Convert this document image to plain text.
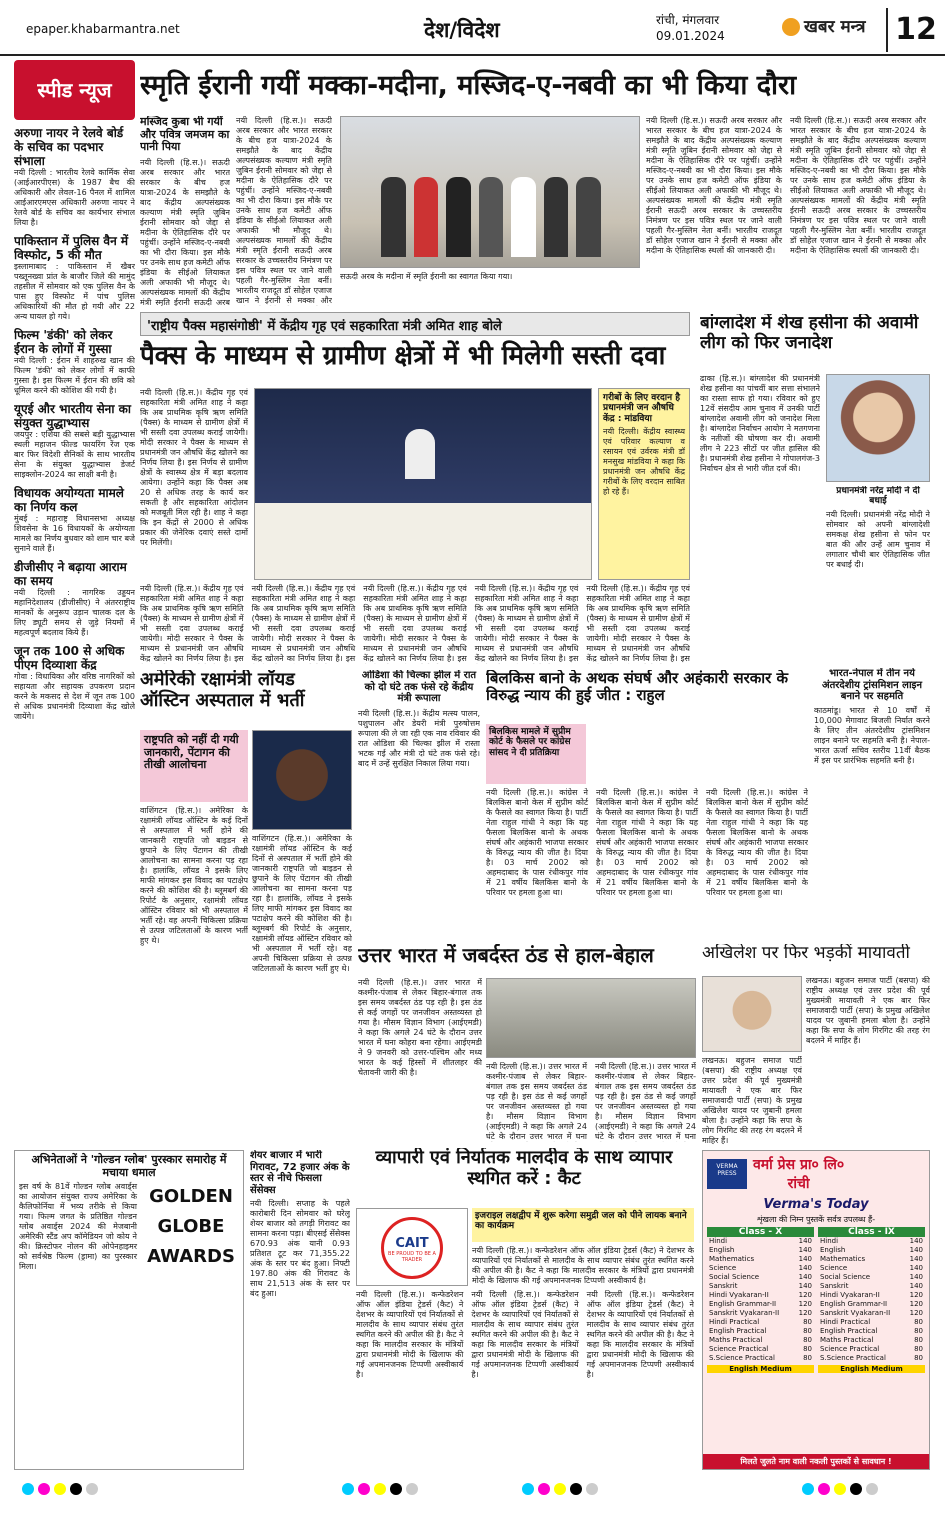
epaper.khabarmantra.net	देश/विदेश	रांची, मंगलवार
09.01.2024	खबर मन्त्र 12
स्पीड न्यूज
अरुणा नायर ने रेलवे बोर्ड के सचिव का पदभार संभाला
नयी दिल्ली : भारतीय रेलवे कार्मिक सेवा (आईआरपीएस) के 1987 बैच की अधिकारी और लेवल-16 पैनल में शामिल आईआरएमएस अधिकारी अरुणा नायर ने रेलवे बोर्ड के सचिव का कार्यभार संभाल लिया है।
पाकिस्तान में पुलिस वैन में विस्फोट, 5 की मौत
इस्लामाबाद : पाकिस्तान में खैबर पख्तूनख्वा प्रांत के बाजौर जिले की मामुंद तहसील में सोमवार को एक पुलिस वैन के पास हुए विस्फोट में पांच पुलिस अधिकारियों की मौत हो गयी और 22 अन्य घायल हो गये।
फिल्म 'डंकी' को लेकर ईरान के लोगों में गुस्सा
नयी दिल्ली : ईरान में शाहरुख खान की फिल्म 'डंकी' को लेकर लोगों में काफी गुस्सा है। इस फिल्म में ईरान की छवि को धूमिल करने की कोशिश की गयी है।
यूएई और भारतीय सेना का संयुक्त युद्धाभ्यास
जयपुर : एशिया की सबसे बड़ी युद्धाभ्यास स्थली महाजन फील्ड फायरिंग रेंज एक बार फिर विदेशी सैनिकों के साथ भारतीय सेना के संयुक्त युद्धाभ्यास डेजर्ट साइक्लोन-2024 का साक्षी बनी है।
विधायक अयोग्यता मामले का निर्णय कल
मुंबई : महाराष्ट्र विधानसभा अध्यक्ष शिवसेना के 16 विधायकों के अयोग्यता मामले का निर्णय बुधवार को शाम चार बजे सुनाने वाले हैं।
डीजीसीए ने बढ़ाया आराम का समय
नयी दिल्ली : नागरिक उड्डयन महानिदेशालय (डीजीसीए) ने अंतरराष्ट्रीय मानकों के अनुरूप उड़ान चालक दल के लिए ड्यूटी समय से जुड़े नियमों में महत्वपूर्ण बदलाव किये हैं।
जून तक 100 से अधिक पीएम दिव्याशा केंद्र
गोवा : विधायिका और वरिष्ठ नागरिकों को सहायता और सहायक उपकरण प्रदान करने के मकसद से देश में जून तक 100 से अधिक प्रधानमंत्री दिव्याशा केंद्र खोले जायेंगे।
स्मृति ईरानी गयीं मक्का-मदीना, मस्जिद-ए-नबवी का भी किया दौरा
मस्जिद कुबा भी गयीं और पवित्र जमजम का पानी पिया
नयी दिल्ली (हि.स.)। सऊदी अरब सरकार और भारत सरकार के बीच हज यात्रा-2024 के समझौते के बाद केंद्रीय अल्पसंख्यक कल्याण मंत्री स्मृति जुबिन ईरानी सोमवार को जेद्दा से मदीना के ऐतिहासिक दौरे पर पहुंचीं। उन्होंने मस्जिद-ए-नबवी का भी दौरा किया। इस मौके पर उनके साथ हज कमेटी ऑफ इंडिया के सीईओ लियाकत अली अफाकी भी मौजूद थे। अल्पसंख्यक मामलों की केंद्रीय मंत्री स्मृति ईरानी सऊदी अरब
नयी दिल्ली (हि.स.)। सऊदी अरब सरकार और भारत सरकार के बीच हज यात्रा-2024 के समझौते के बाद केंद्रीय अल्पसंख्यक कल्याण मंत्री स्मृति जुबिन ईरानी सोमवार को जेद्दा से मदीना के ऐतिहासिक दौरे पर पहुंचीं। उन्होंने मस्जिद-ए-नबवी का भी दौरा किया। इस मौके पर उनके साथ हज कमेटी ऑफ इंडिया के सीईओ लियाकत अली अफाकी भी मौजूद थे। अल्पसंख्यक मामलों की केंद्रीय मंत्री स्मृति ईरानी सऊदी अरब सरकार के उच्चस्तरीय निमंत्रण पर इस पवित्र स्थल पर जाने वाली पहली गैर-मुस्लिम नेता बनीं। भारतीय राजदूत डॉ सोहेल एजाज खान ने ईरानी से मक्का और
सऊदी अरब के मदीना में स्मृति ईरानी का स्वागत किया गया।
नयी दिल्ली (हि.स.)। सऊदी अरब सरकार और भारत सरकार के बीच हज यात्रा-2024 के समझौते के बाद केंद्रीय अल्पसंख्यक कल्याण मंत्री स्मृति जुबिन ईरानी सोमवार को जेद्दा से मदीना के ऐतिहासिक दौरे पर पहुंचीं। उन्होंने मस्जिद-ए-नबवी का भी दौरा किया। इस मौके पर उनके साथ हज कमेटी ऑफ इंडिया के सीईओ लियाकत अली अफाकी भी मौजूद थे। अल्पसंख्यक मामलों की केंद्रीय मंत्री स्मृति ईरानी सऊदी अरब सरकार के उच्चस्तरीय निमंत्रण पर इस पवित्र स्थल पर जाने वाली पहली गैर-मुस्लिम नेता बनीं। भारतीय राजदूत डॉ सोहेल एजाज खान ने ईरानी से मक्का और मदीना के ऐतिहासिक स्थलों की जानकारी दी।
नयी दिल्ली (हि.स.)। सऊदी अरब सरकार और भारत सरकार के बीच हज यात्रा-2024 के समझौते के बाद केंद्रीय अल्पसंख्यक कल्याण मंत्री स्मृति जुबिन ईरानी सोमवार को जेद्दा से मदीना के ऐतिहासिक दौरे पर पहुंचीं। उन्होंने मस्जिद-ए-नबवी का भी दौरा किया। इस मौके पर उनके साथ हज कमेटी ऑफ इंडिया के सीईओ लियाकत अली अफाकी भी मौजूद थे। अल्पसंख्यक मामलों की केंद्रीय मंत्री स्मृति ईरानी सऊदी अरब सरकार के उच्चस्तरीय निमंत्रण पर इस पवित्र स्थल पर जाने वाली पहली गैर-मुस्लिम नेता बनीं। भारतीय राजदूत डॉ सोहेल एजाज खान ने ईरानी से मक्का और मदीना के ऐतिहासिक स्थलों की जानकारी दी।
'राष्ट्रीय पैक्स महासंगोष्ठी' में केंद्रीय गृह एवं सहकारिता मंत्री अमित शाह बोले
पैक्स के माध्यम से ग्रामीण क्षेत्रों में भी मिलेगी सस्ती दवा
नयी दिल्ली (हि.स.)। केंद्रीय गृह एवं सहकारिता मंत्री अमित शाह ने कहा कि अब प्राथमिक कृषि ऋण समिति (पैक्स) के माध्यम से ग्रामीण क्षेत्रों में भी सस्ती दवा उपलब्ध कराई जायेगी। मोदी सरकार ने पैक्स के माध्यम से प्रधानमंत्री जन औषधि केंद्र खोलने का निर्णय लिया है। इस निर्णय से ग्रामीण क्षेत्रों के स्वास्थ्य क्षेत्र में बड़ा बदलाव आयेगा। उन्होंने कहा कि पैक्स अब 20 से अधिक तरह के कार्य कर सकती है और सहकारिता आंदोलन को मजबूती मिल रही है। शाह ने कहा कि इन केंद्रों से 2000 से अधिक प्रकार की जेनेरिक दवाएं सस्ते दामों पर मिलेंगी।
गरीबों के लिए वरदान है प्रधानमंत्री जन औषधि केंद्र : मांडविया
नयी दिल्ली। केंद्रीय स्वास्थ्य एवं परिवार कल्याण व रसायन एवं उर्वरक मंत्री डॉ मनसुख मांडविया ने कहा कि प्रधानमंत्री जन औषधि केंद्र गरीबों के लिए वरदान साबित हो रहे हैं।
नयी दिल्ली (हि.स.)। केंद्रीय गृह एवं सहकारिता मंत्री अमित शाह ने कहा कि अब प्राथमिक कृषि ऋण समिति (पैक्स) के माध्यम से ग्रामीण क्षेत्रों में भी सस्ती दवा उपलब्ध कराई जायेगी। मोदी सरकार ने पैक्स के माध्यम से प्रधानमंत्री जन औषधि केंद्र खोलने का निर्णय लिया है। इस
नयी दिल्ली (हि.स.)। केंद्रीय गृह एवं सहकारिता मंत्री अमित शाह ने कहा कि अब प्राथमिक कृषि ऋण समिति (पैक्स) के माध्यम से ग्रामीण क्षेत्रों में भी सस्ती दवा उपलब्ध कराई जायेगी। मोदी सरकार ने पैक्स के माध्यम से प्रधानमंत्री जन औषधि केंद्र खोलने का निर्णय लिया है। इस
नयी दिल्ली (हि.स.)। केंद्रीय गृह एवं सहकारिता मंत्री अमित शाह ने कहा कि अब प्राथमिक कृषि ऋण समिति (पैक्स) के माध्यम से ग्रामीण क्षेत्रों में भी सस्ती दवा उपलब्ध कराई जायेगी। मोदी सरकार ने पैक्स के माध्यम से प्रधानमंत्री जन औषधि केंद्र खोलने का निर्णय लिया है। इस
नयी दिल्ली (हि.स.)। केंद्रीय गृह एवं सहकारिता मंत्री अमित शाह ने कहा कि अब प्राथमिक कृषि ऋण समिति (पैक्स) के माध्यम से ग्रामीण क्षेत्रों में भी सस्ती दवा उपलब्ध कराई जायेगी। मोदी सरकार ने पैक्स के माध्यम से प्रधानमंत्री जन औषधि केंद्र खोलने का निर्णय लिया है। इस
नयी दिल्ली (हि.स.)। केंद्रीय गृह एवं सहकारिता मंत्री अमित शाह ने कहा कि अब प्राथमिक कृषि ऋण समिति (पैक्स) के माध्यम से ग्रामीण क्षेत्रों में भी सस्ती दवा उपलब्ध कराई जायेगी। मोदी सरकार ने पैक्स के माध्यम से प्रधानमंत्री जन औषधि केंद्र खोलने का निर्णय लिया है। इस
बांग्लादेश में शेख हसीना की अवामी लीग को फिर जनादेश
ढाका (हि.स.)। बांग्लादेश की प्रधानमंत्री शेख हसीना का पांचवीं बार सत्ता संभालने का रास्ता साफ हो गया। रविवार को हुए 12वें संसदीय आम चुनाव में उनकी पार्टी बांग्लादेश अवामी लीग को जनादेश मिला है। बांग्लादेश निर्वाचन आयोग ने मतगणना के नतीजों की घोषणा कर दी। अवामी लीग ने 223 सीटों पर जीत हासिल की है। प्रधानमंत्री शेख हसीना ने गोपालगंज-3 निर्वाचन क्षेत्र से भारी जीत दर्ज की।
प्रधानमंत्री नरेंद्र मोदी ने दी बधाई
नयी दिल्ली। प्रधानमंत्री नरेंद्र मोदी ने सोमवार को अपनी बांग्लादेशी समकक्ष शेख हसीना से फोन पर बात की और उन्हें आम चुनाव में लगातार चौथी बार ऐतिहासिक जीत पर बधाई दी।
भारत-नेपाल में तीन नये अंतरदेशीय ट्रांसमिशन लाइन बनाने पर सहमति
काठमांडू। भारत से 10 वर्षों में 10,000 मेगावाट बिजली निर्यात करने के लिए तीन अंतरदेशीय ट्रांसमिशन लाइन बनाने पर सहमति बनी है। नेपाल-भारत ऊर्जा सचिव स्तरीय 11वीं बैठक में इस पर प्रारंभिक सहमति बनी है।
अमेरिकी रक्षामंत्री लॉयड ऑस्टिन अस्पताल में भर्ती
राष्ट्रपति को नहीं दी गयी जानकारी, पेंटागन की तीखी आलोचना
वाशिंगटन (हि.स.)। अमेरिका के रक्षामंत्री लॉयड ऑस्टिन के कई दिनों से अस्पताल में भर्ती होने की जानकारी राष्ट्रपति जो बाइडन से छुपाने के लिए पेंटागन की तीखी आलोचना का सामना करना पड़ रहा है। हालांकि, लॉयड ने इसके लिए माफी मांगकर इस विवाद का पटाक्षेप करने की कोशिश की है। ब्लूमबर्ग की रिपोर्ट के अनुसार, रक्षामंत्री लॉयड ऑस्टिन रविवार को भी अस्पताल में भर्ती रहे। वह अपनी चिकित्सा प्रक्रिया से उत्पन्न जटिलताओं के कारण भर्ती हुए थे।
वाशिंगटन (हि.स.)। अमेरिका के रक्षामंत्री लॉयड ऑस्टिन के कई दिनों से अस्पताल में भर्ती होने की जानकारी राष्ट्रपति जो बाइडन से छुपाने के लिए पेंटागन की तीखी आलोचना का सामना करना पड़ रहा है। हालांकि, लॉयड ने इसके लिए माफी मांगकर इस विवाद का पटाक्षेप करने की कोशिश की है। ब्लूमबर्ग की रिपोर्ट के अनुसार, रक्षामंत्री लॉयड ऑस्टिन रविवार को भी अस्पताल में भर्ती रहे। वह अपनी चिकित्सा प्रक्रिया से उत्पन्न जटिलताओं के कारण भर्ती हुए थे।
ओडिशा की चिल्का झील में रात को दो घंटे तक फंसे रहे केंद्रीय मंत्री रूपाला
नयी दिल्ली (हि.स.)। केंद्रीय मत्स्य पालन, पशुपालन और डेयरी मंत्री पुरुषोत्तम रूपाला की ले जा रही एक नाव रविवार की रात ओडिशा की चिल्का झील में रास्ता भटक गई और मंत्री दो घंटे तक फंसे रहे। बाद में उन्हें सुरक्षित निकाल लिया गया।
बिलकिस बानो के अथक संघर्ष और अहंकारी सरकार के विरुद्ध न्याय की हुई जीत : राहुल
बिलकिस मामले में सुप्रीम कोर्ट के फैसले पर कांग्रेस सांसद ने दी प्रतिक्रिया
नयी दिल्ली (हि.स.)। कांग्रेस ने बिलकिस बानो केस में सुप्रीम कोर्ट के फैसले का स्वागत किया है। पार्टी नेता राहुल गांधी ने कहा कि यह फैसला बिलकिस बानो के अथक संघर्ष और अहंकारी भाजपा सरकार के विरुद्ध न्याय की जीत है। दिया है। 03 मार्च 2002 को अहमदाबाद के पास रंधीकपुर गांव में 21 वर्षीय बिलकिस बानो के परिवार पर हमला हुआ था।
नयी दिल्ली (हि.स.)। कांग्रेस ने बिलकिस बानो केस में सुप्रीम कोर्ट के फैसले का स्वागत किया है। पार्टी नेता राहुल गांधी ने कहा कि यह फैसला बिलकिस बानो के अथक संघर्ष और अहंकारी भाजपा सरकार के विरुद्ध न्याय की जीत है। दिया है। 03 मार्च 2002 को अहमदाबाद के पास रंधीकपुर गांव में 21 वर्षीय बिलकिस बानो के परिवार पर हमला हुआ था।
नयी दिल्ली (हि.स.)। कांग्रेस ने बिलकिस बानो केस में सुप्रीम कोर्ट के फैसले का स्वागत किया है। पार्टी नेता राहुल गांधी ने कहा कि यह फैसला बिलकिस बानो के अथक संघर्ष और अहंकारी भाजपा सरकार के विरुद्ध न्याय की जीत है। दिया है। 03 मार्च 2002 को अहमदाबाद के पास रंधीकपुर गांव में 21 वर्षीय बिलकिस बानो के परिवार पर हमला हुआ था।
उत्तर भारत में जबर्दस्त ठंड से हाल-बेहाल
नयी दिल्ली (हि.स.)। उत्तर भारत में कश्मीर-पंजाब से लेकर बिहार-बंगाल तक इस समय जबर्दस्त ठंड पड़ रही है। इस ठंड से कई जगहों पर जनजीवन अस्तव्यस्त हो गया है। मौसम विज्ञान विभाग (आईएमडी) ने कहा कि अगले 24 घंटे के दौरान उत्तर भारत में घना कोहरा बना रहेगा। आईएमडी ने 9 जनवरी को उत्तर-पश्चिम और मध्य भारत के कई हिस्सों में शीतलहर की चेतावनी जारी की है।
नयी दिल्ली (हि.स.)। उत्तर भारत में कश्मीर-पंजाब से लेकर बिहार-बंगाल तक इस समय जबर्दस्त ठंड पड़ रही है। इस ठंड से कई जगहों पर जनजीवन अस्तव्यस्त हो गया है। मौसम विज्ञान विभाग (आईएमडी) ने कहा कि अगले 24 घंटे के दौरान उत्तर भारत में घना
नयी दिल्ली (हि.स.)। उत्तर भारत में कश्मीर-पंजाब से लेकर बिहार-बंगाल तक इस समय जबर्दस्त ठंड पड़ रही है। इस ठंड से कई जगहों पर जनजीवन अस्तव्यस्त हो गया है। मौसम विज्ञान विभाग (आईएमडी) ने कहा कि अगले 24 घंटे के दौरान उत्तर भारत में घना
अखिलेश पर फिर भड़कीं मायावती
लखनऊ। बहुजन समाज पार्टी (बसपा) की राष्ट्रीय अध्यक्ष एवं उत्तर प्रदेश की पूर्व मुख्यमंत्री मायावती ने एक बार फिर समाजवादी पार्टी (सपा) के प्रमुख अखिलेश यादव पर जुबानी हमला बोला है। उन्होंने कहा कि सपा के लोग गिरगिट की तरह रंग बदलने में माहिर हैं।
लखनऊ। बहुजन समाज पार्टी (बसपा) की राष्ट्रीय अध्यक्ष एवं उत्तर प्रदेश की पूर्व मुख्यमंत्री मायावती ने एक बार फिर समाजवादी पार्टी (सपा) के प्रमुख अखिलेश यादव पर जुबानी हमला बोला है। उन्होंने कहा कि सपा के लोग गिरगिट की तरह रंग बदलने में माहिर हैं।
अभिनेताओं ने 'गोल्डन ग्लोब' पुरस्कार समारोह में मचाया धमाल
इस वर्ष के 81वें गोल्डन ग्लोब अवार्ड्स का आयोजन संयुक्त राज्य अमेरिका के कैलिफोर्निया में भव्य तरीके से किया गया। फिल्म जगत के प्रतिष्ठित गोल्डन ग्लोब अवार्ड्स 2024 की मेजबानी अमेरिकी स्टैंड अप कॉमेडियन जो कोय ने की। क्रिस्टोफर नोलन की ओपेनहाइमर को सर्वश्रेष्ठ फिल्म (ड्रामा) का पुरस्कार मिला।
GOLDEN
GLOBE
AWARDS
शेयर बाजार में भारी गिरावट, 72 हजार अंक के स्तर से नीचे फिसला सेंसेक्स
नयी दिल्ली। सप्ताह के पहले कारोबारी दिन सोमवार को घरेलू शेयर बाजार को तगड़ी गिरावट का सामना करना पड़ा। बीएसई सेंसेक्स 670.93 अंक यानी 0.93 प्रतिशत टूट कर 71,355.22 अंक के स्तर पर बंद हुआ। निफ्टी 197.80 अंक की गिरावट के साथ 21,513 अंक के स्तर पर बंद हुआ।
व्यापारी एवं निर्यातक मालदीव के साथ व्यापार स्थगित करें : कैट
CAIT
BE PROUD TO BE A TRADER
इजराइल लक्षद्वीप में शुरू करेगा समुद्री जल को पीने लायक बनाने का कार्यक्रम
नयी दिल्ली (हि.स.)। कन्फेडरेशन ऑफ ऑल इंडिया ट्रेडर्स (कैट) ने देशभर के व्यापारियों एवं निर्यातकों से मालदीव के साथ व्यापार संबंध तुरंत स्थगित करने की अपील की है। कैट ने कहा कि मालदीव सरकार के मंत्रियों द्वारा प्रधानमंत्री मोदी के खिलाफ की गई अपमानजनक टिप्पणी अस्वीकार्य है।
नयी दिल्ली (हि.स.)। कन्फेडरेशन ऑफ ऑल इंडिया ट्रेडर्स (कैट) ने देशभर के व्यापारियों एवं निर्यातकों से मालदीव के साथ व्यापार संबंध तुरंत स्थगित करने की अपील की है। कैट ने कहा कि मालदीव सरकार के मंत्रियों द्वारा प्रधानमंत्री मोदी के खिलाफ की गई अपमानजनक टिप्पणी अस्वीकार्य है।
नयी दिल्ली (हि.स.)। कन्फेडरेशन ऑफ ऑल इंडिया ट्रेडर्स (कैट) ने देशभर के व्यापारियों एवं निर्यातकों से मालदीव के साथ व्यापार संबंध तुरंत स्थगित करने की अपील की है। कैट ने कहा कि मालदीव सरकार के मंत्रियों द्वारा प्रधानमंत्री मोदी के खिलाफ की गई अपमानजनक टिप्पणी अस्वीकार्य है।
नयी दिल्ली (हि.स.)। कन्फेडरेशन ऑफ ऑल इंडिया ट्रेडर्स (कैट) ने देशभर के व्यापारियों एवं निर्यातकों से मालदीव के साथ व्यापार संबंध तुरंत स्थगित करने की अपील की है। कैट ने कहा कि मालदीव सरकार के मंत्रियों द्वारा प्रधानमंत्री मोदी के खिलाफ की गई अपमानजनक टिप्पणी अस्वीकार्य है।
VERMA PRESS
वर्मा प्रेस प्रा० लि०
रांची
Verma's Today
शृंखला की निम्न पुस्तकें सर्वत्र उपलब्ध हैं-
Class - X
Hindi	140
English	140
Mathematics	140
Science	140
Social Science	140
Sanskrit	140
Hindi Vyakaran-II	120
English Grammar-II	120
Sanskrit Vyakaran-II	120
Hindi Practical	80
English Practical	80
Maths Practical	80
Science Practical	80
S.Science Practical	80
Class - IX
Hindi	140
English	140
Mathematics	140
Science	140
Social Science	140
Sanskrit	140
Hindi Vyakaran-II	120
English Grammar-II	120
Sanskrit Vyakaran-II	120
Hindi Practical	80
English Practical	80
Maths Practical	80
Science Practical	80
S.Science Practical	80
English Medium	English Medium
मिलते जुलते नाम वाली नकली पुस्तकों से सावधान !
